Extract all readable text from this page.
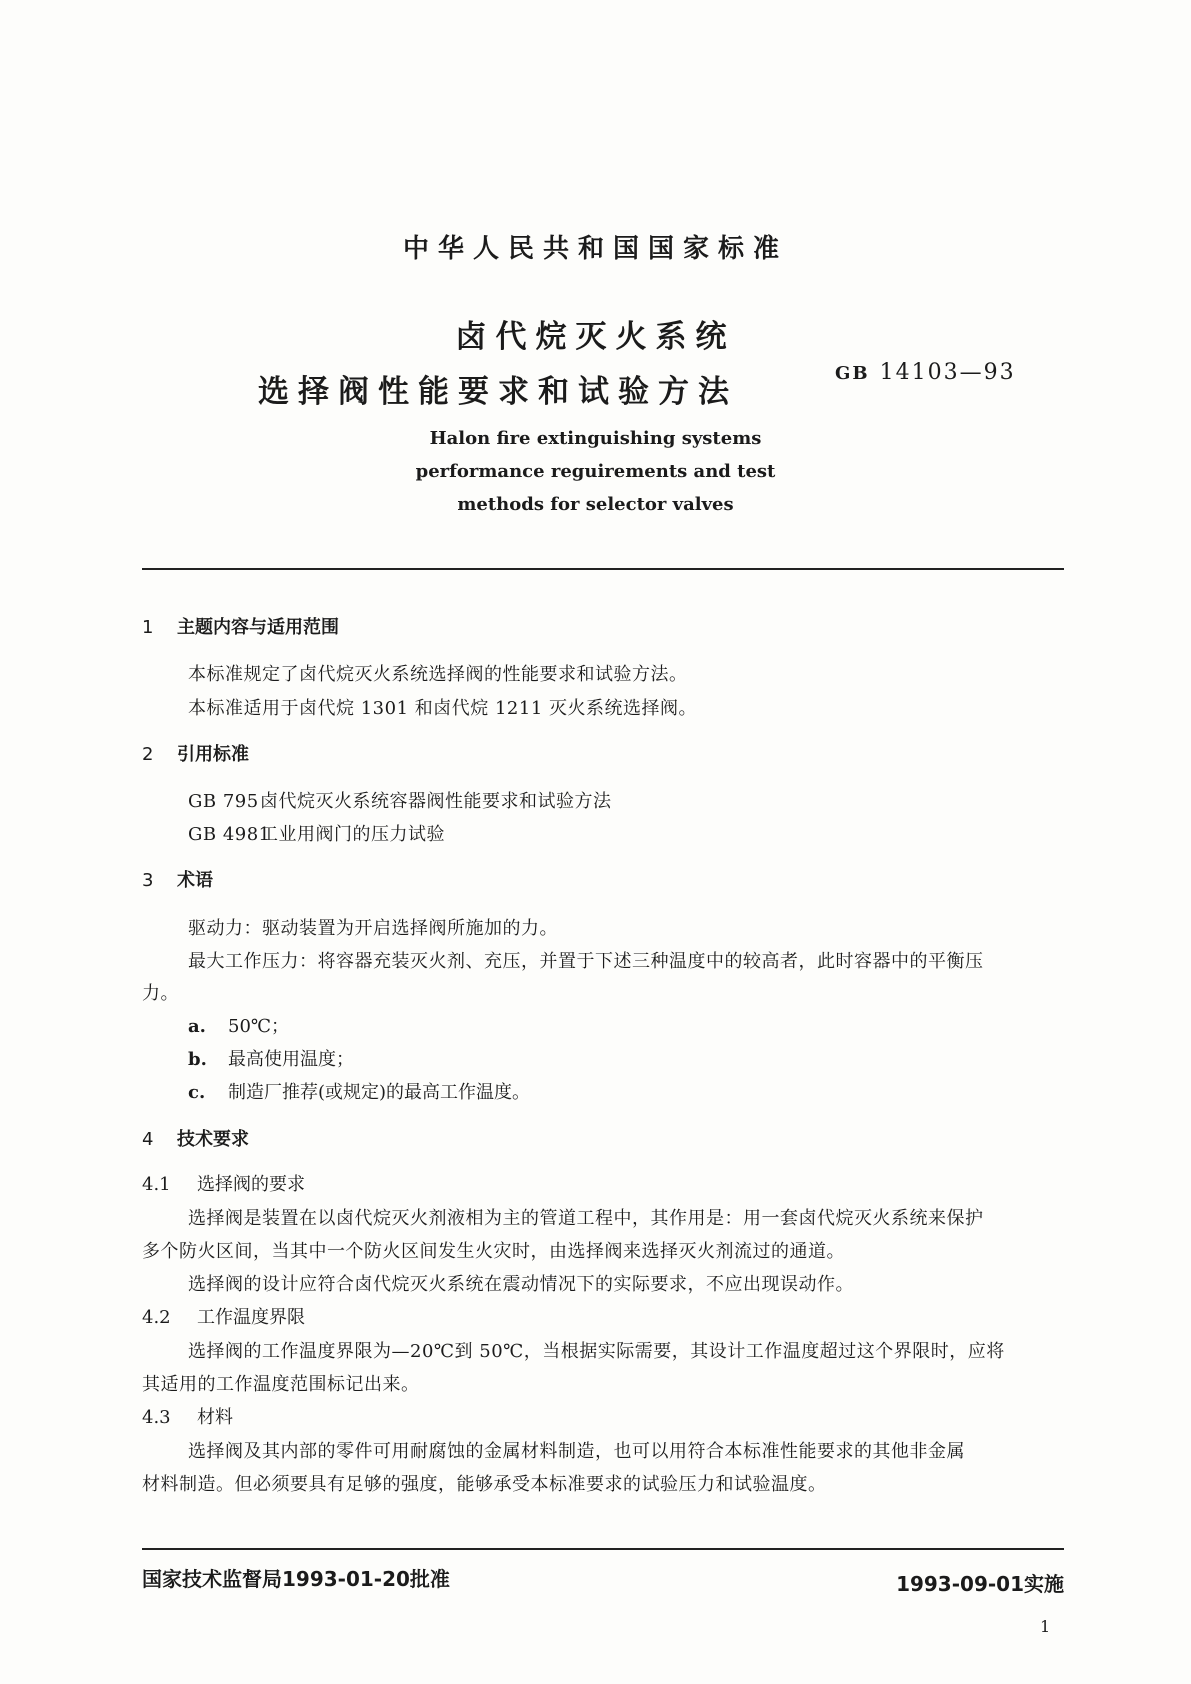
中华人民共和国国家标准
卤代烷灭火系统
选择阀性能要求和试验方法
GB 14103—93
Halon fire extinguishing systems
performance reguirements and test
methods for selector valves
1 主题内容与适用范围
本标准规定了卤代烷灭火系统选择阀的性能要求和试验方法。
本标准适用于卤代烷 1301 和卤代烷 1211 灭火系统选择阀。
2 引用标准
GB 795卤代烷灭火系统容器阀性能要求和试验方法
GB 4981工业用阀门的压力试验
3 术语
驱动力：驱动装置为开启选择阀所施加的力。
最大工作压力：将容器充装灭火剂、充压，并置于下述三种温度中的较高者，此时容器中的平衡压
力。
a. 50℃；
b. 最高使用温度；
c. 制造厂推荐(或规定)的最高工作温度。
4 技术要求
4.1 选择阀的要求
选择阀是装置在以卤代烷灭火剂液相为主的管道工程中，其作用是：用一套卤代烷灭火系统来保护
多个防火区间，当其中一个防火区间发生火灾时，由选择阀来选择灭火剂流过的通道。
选择阀的设计应符合卤代烷灭火系统在震动情况下的实际要求，不应出现误动作。
4.2 工作温度界限
选择阀的工作温度界限为—20℃到 50℃，当根据实际需要，其设计工作温度超过这个界限时，应将
其适用的工作温度范围标记出来。
4.3 材料
选择阀及其内部的零件可用耐腐蚀的金属材料制造，也可以用符合本标准性能要求的其他非金属
材料制造。但必须要具有足够的强度，能够承受本标准要求的试验压力和试验温度。
国家技术监督局1993-01-20批准	1993-09-01实施
1
